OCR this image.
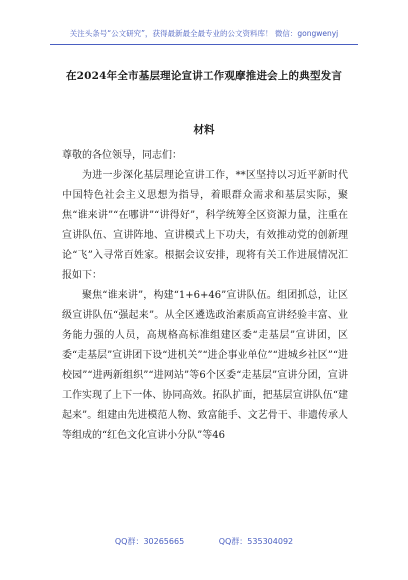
关注头条号“公文研究”，获得最新最全最专业的公文资料库！ 微信：gongwenyj
在2024年全市基层理论宣讲工作观摩推进会上的典型发言
材料

尊敬的各位领导，同志们：

为进一步深化基层理论宣讲工作，**区坚持以习近平新时代中国特色社会主义思想为指导，着眼群众需求和基层实际，聚焦“谁来讲”“在哪讲”“讲得好”，科学统筹全区资源力量，注重在宣讲队伍、宣讲阵地、宣讲模式上下功夫，有效推动党的创新理论“飞”入寻常百姓家。根据会议安排，现将有关工作进展情况汇报如下：

聚焦“谁来讲”，构建“1+6+46”宣讲队伍。组团抓总，让区级宣讲队伍“强起来”。从全区遴选政治素质高宣讲经验丰富、业务能力强的人员，高规格高标准组建区委“走基层”宣讲团，区委“走基层”宣讲团下设“进机关”“进企事业单位”“进城乡社区”“进校园”“进两新组织”“进网站”等6个区委“走基层”宣讲分团，宣讲工作实现了上下一体、协同高效。拓队扩面，把基层宣讲队伍“建起来”。组建由先进模范人物、致富能手、文艺骨干、非遗传承人等组成的“红色文化宣讲小分队”等46

QQ群：30265665	QQ群：535304092
